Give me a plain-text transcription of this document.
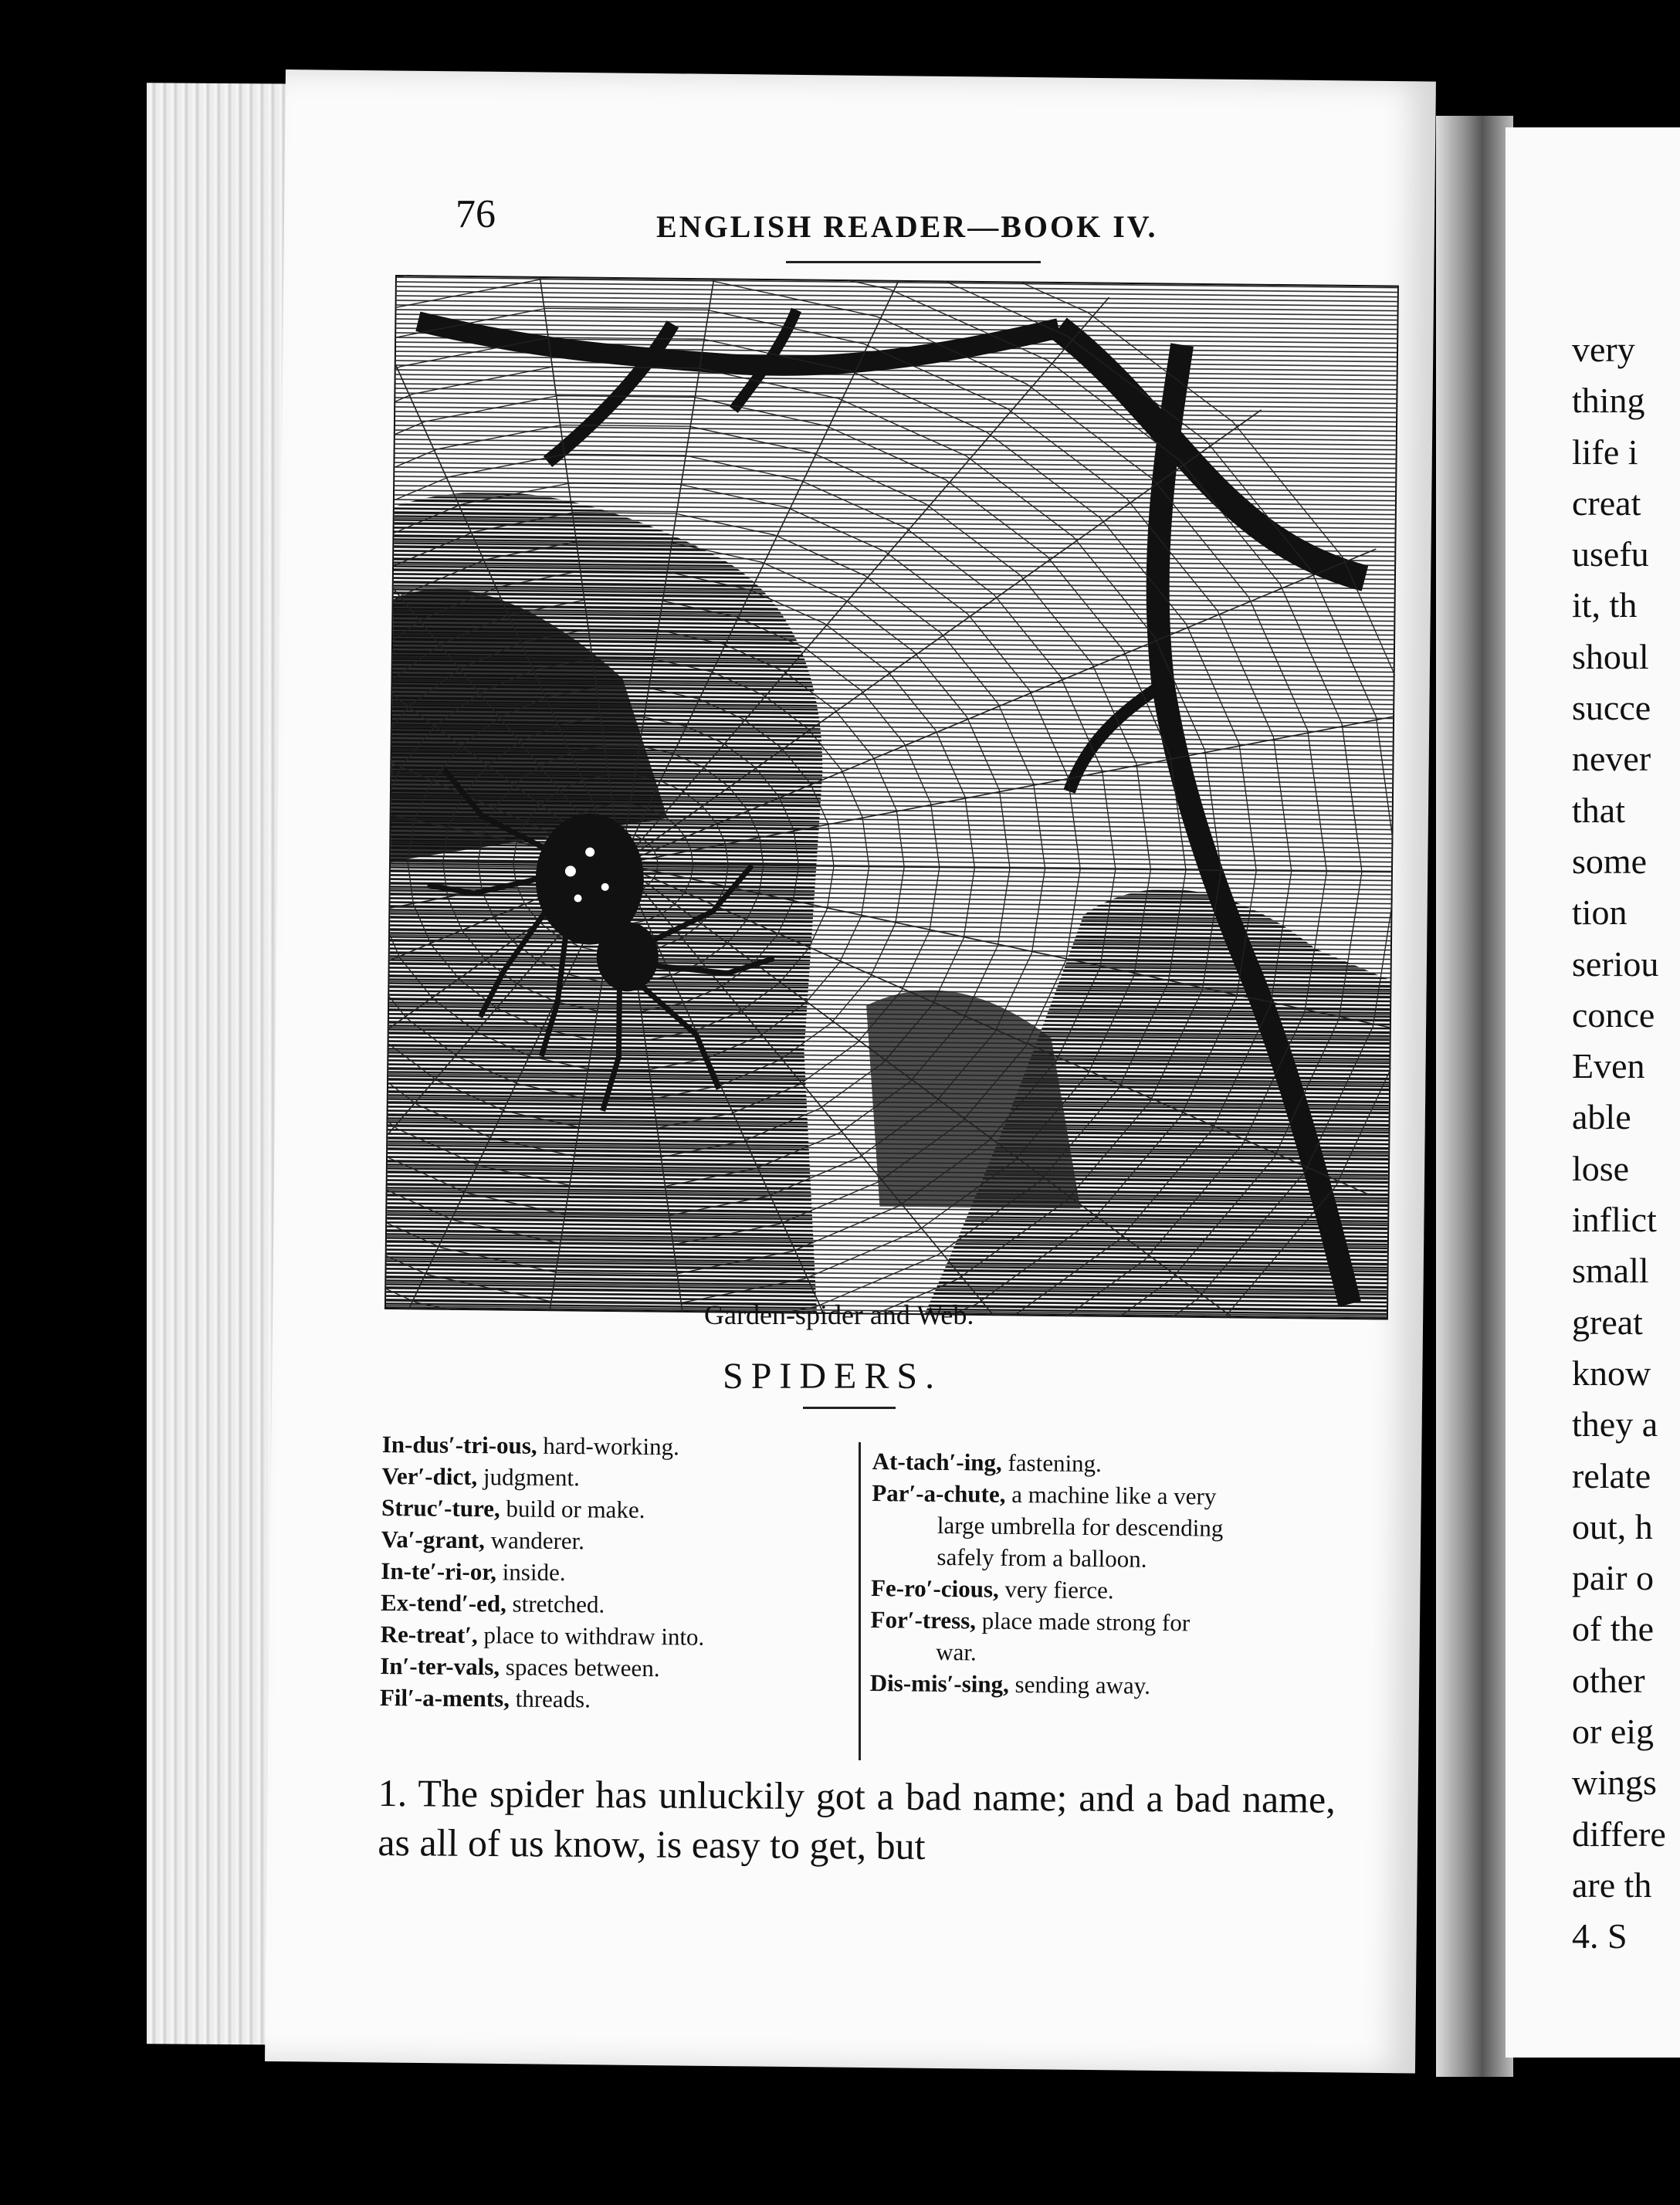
76	ENGLISH READER—BOOK IV.
Garden-spider and Web.
SPIDERS.
In-dus′-tri-ous, hard-working.
Ver′-dict, judgment.
Struc′-ture, build or make.
Va′-grant, wanderer.
In-te′-ri-or, inside.
Ex-tend′-ed, stretched.
Re-treat′, place to withdraw into.
In′-ter-vals, spaces between.
Fil′-a-ments, threads.
At-tach′-ing, fastening.
Par′-a-chute, a machine like a very
large umbrella for descending
safely from a balloon.
Fe-ro′-cious, very fierce.
For′-tress, place made strong for
war.
Dis-mis′-sing, sending away.
1. The spider has unluckily got a bad name; and a bad name, as all of us know, is easy to get, but
very
thing
life i
creat
usefu
it, th
shoul
succe
never
that
some
tion
seriou
conce
Even
able
lose
inflict
small
great
know
they a
relate
out, h
pair o
of the
other
or eig
wings
differe
are th
4. S
